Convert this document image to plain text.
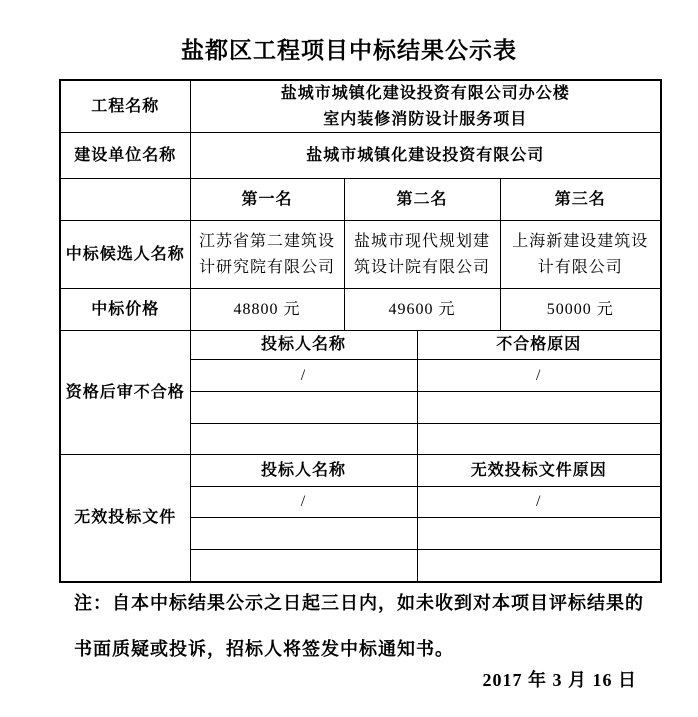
盐都区工程项目中标结果公示表
工程名称	盐城市城镇化建设投资有限公司办公楼
室内装修消防设计服务项目			

建设单位名称	盐城市城镇化建设投资有限公司			
	第一名	第二名		第三名
中标候选人名称	江苏省第二建筑设计研究院有限公司	盐城市现代规划建筑设计院有限公司		上海新建设建筑设计有限公司
中标价格	48800 元	49600 元		50000 元
资格后审不合格	投标人名称		不合格原因	
	/		/	

无效投标文件	投标人名称		无效投标文件原因	
	/		/	

注：自本中标结果公示之日起三日内，如未收到对本项目评标结果的
书面质疑或投诉，招标人将签发中标通知书。
2017 年 3 月 16 日
